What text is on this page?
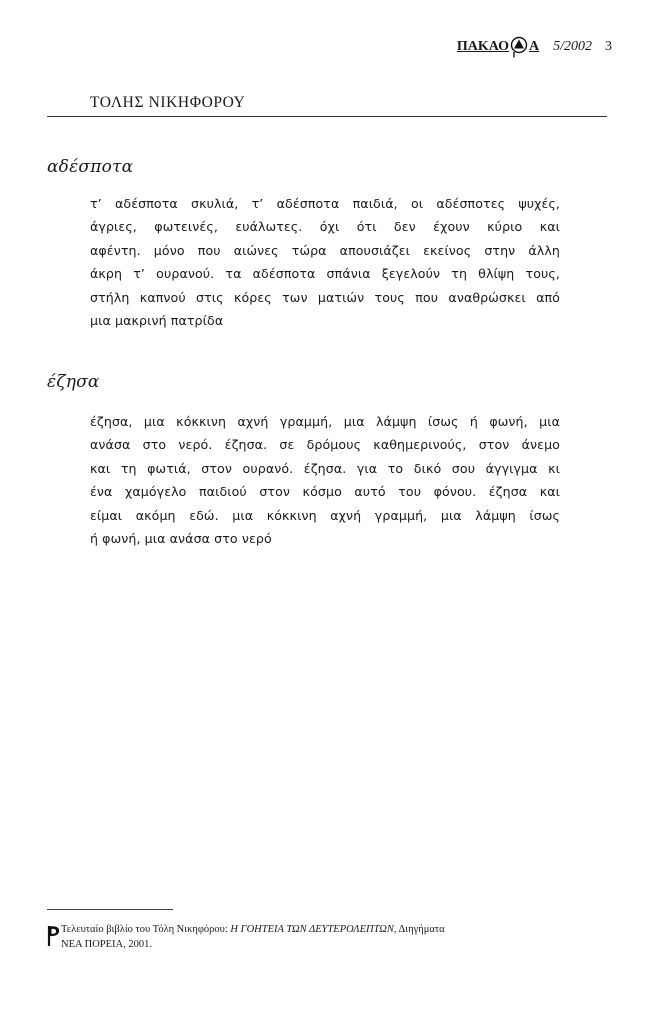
ΠΑΚΑΟ Α 5/2002 3
ΤΟΛΗΣ ΝΙΚΗΦΟΡΟΥ
αδέσποτα
τ’ αδέσποτα σκυλιά, τ’ αδέσποτα παιδιά, οι αδέσποτες ψυχές,
άγριες, φωτεινές, ευάλωτες. όχι ότι δεν έχουν κύριο και
αφέντη. μόνο που αιώνες τώρα απουσιάζει εκείνος στην άλλη
άκρη τ’ ουρανού. τα αδέσποτα σπάνια ξεγελούν τη θλίψη τους,
στήλη καπνού στις κόρες των ματιών τους που αναθρώσκει από
μια μακρινή πατρίδα
έζησα
έζησα, μια κόκκινη αχνή γραμμή, μια λάμψη ίσως ή φωνή, μια
ανάσα στο νερό. έζησα. σε δρόμους καθημερινούς, στον άνεμο
και τη φωτιά, στον ουρανό. έζησα. για το δικό σου άγγιγμα κι
ένα χαμόγελο παιδιού στον κόσμο αυτό του φόνου. έζησα και
είμαι ακόμη εδώ. μια κόκκινη αχνή γραμμή, μια λάμψη ίσως
ή φωνή, μια ανάσα στο νερό
Τελευταίο βιβλίο του Τόλη Νικηφόρου: Η ΓΟΗΤΕΙΑ ΤΩΝ ΔΕΥΤΕΡΟΛΕΠΤΩΝ, Διηγήματα
ΝΕΑ ΠΟΡΕΙΑ, 2001.
